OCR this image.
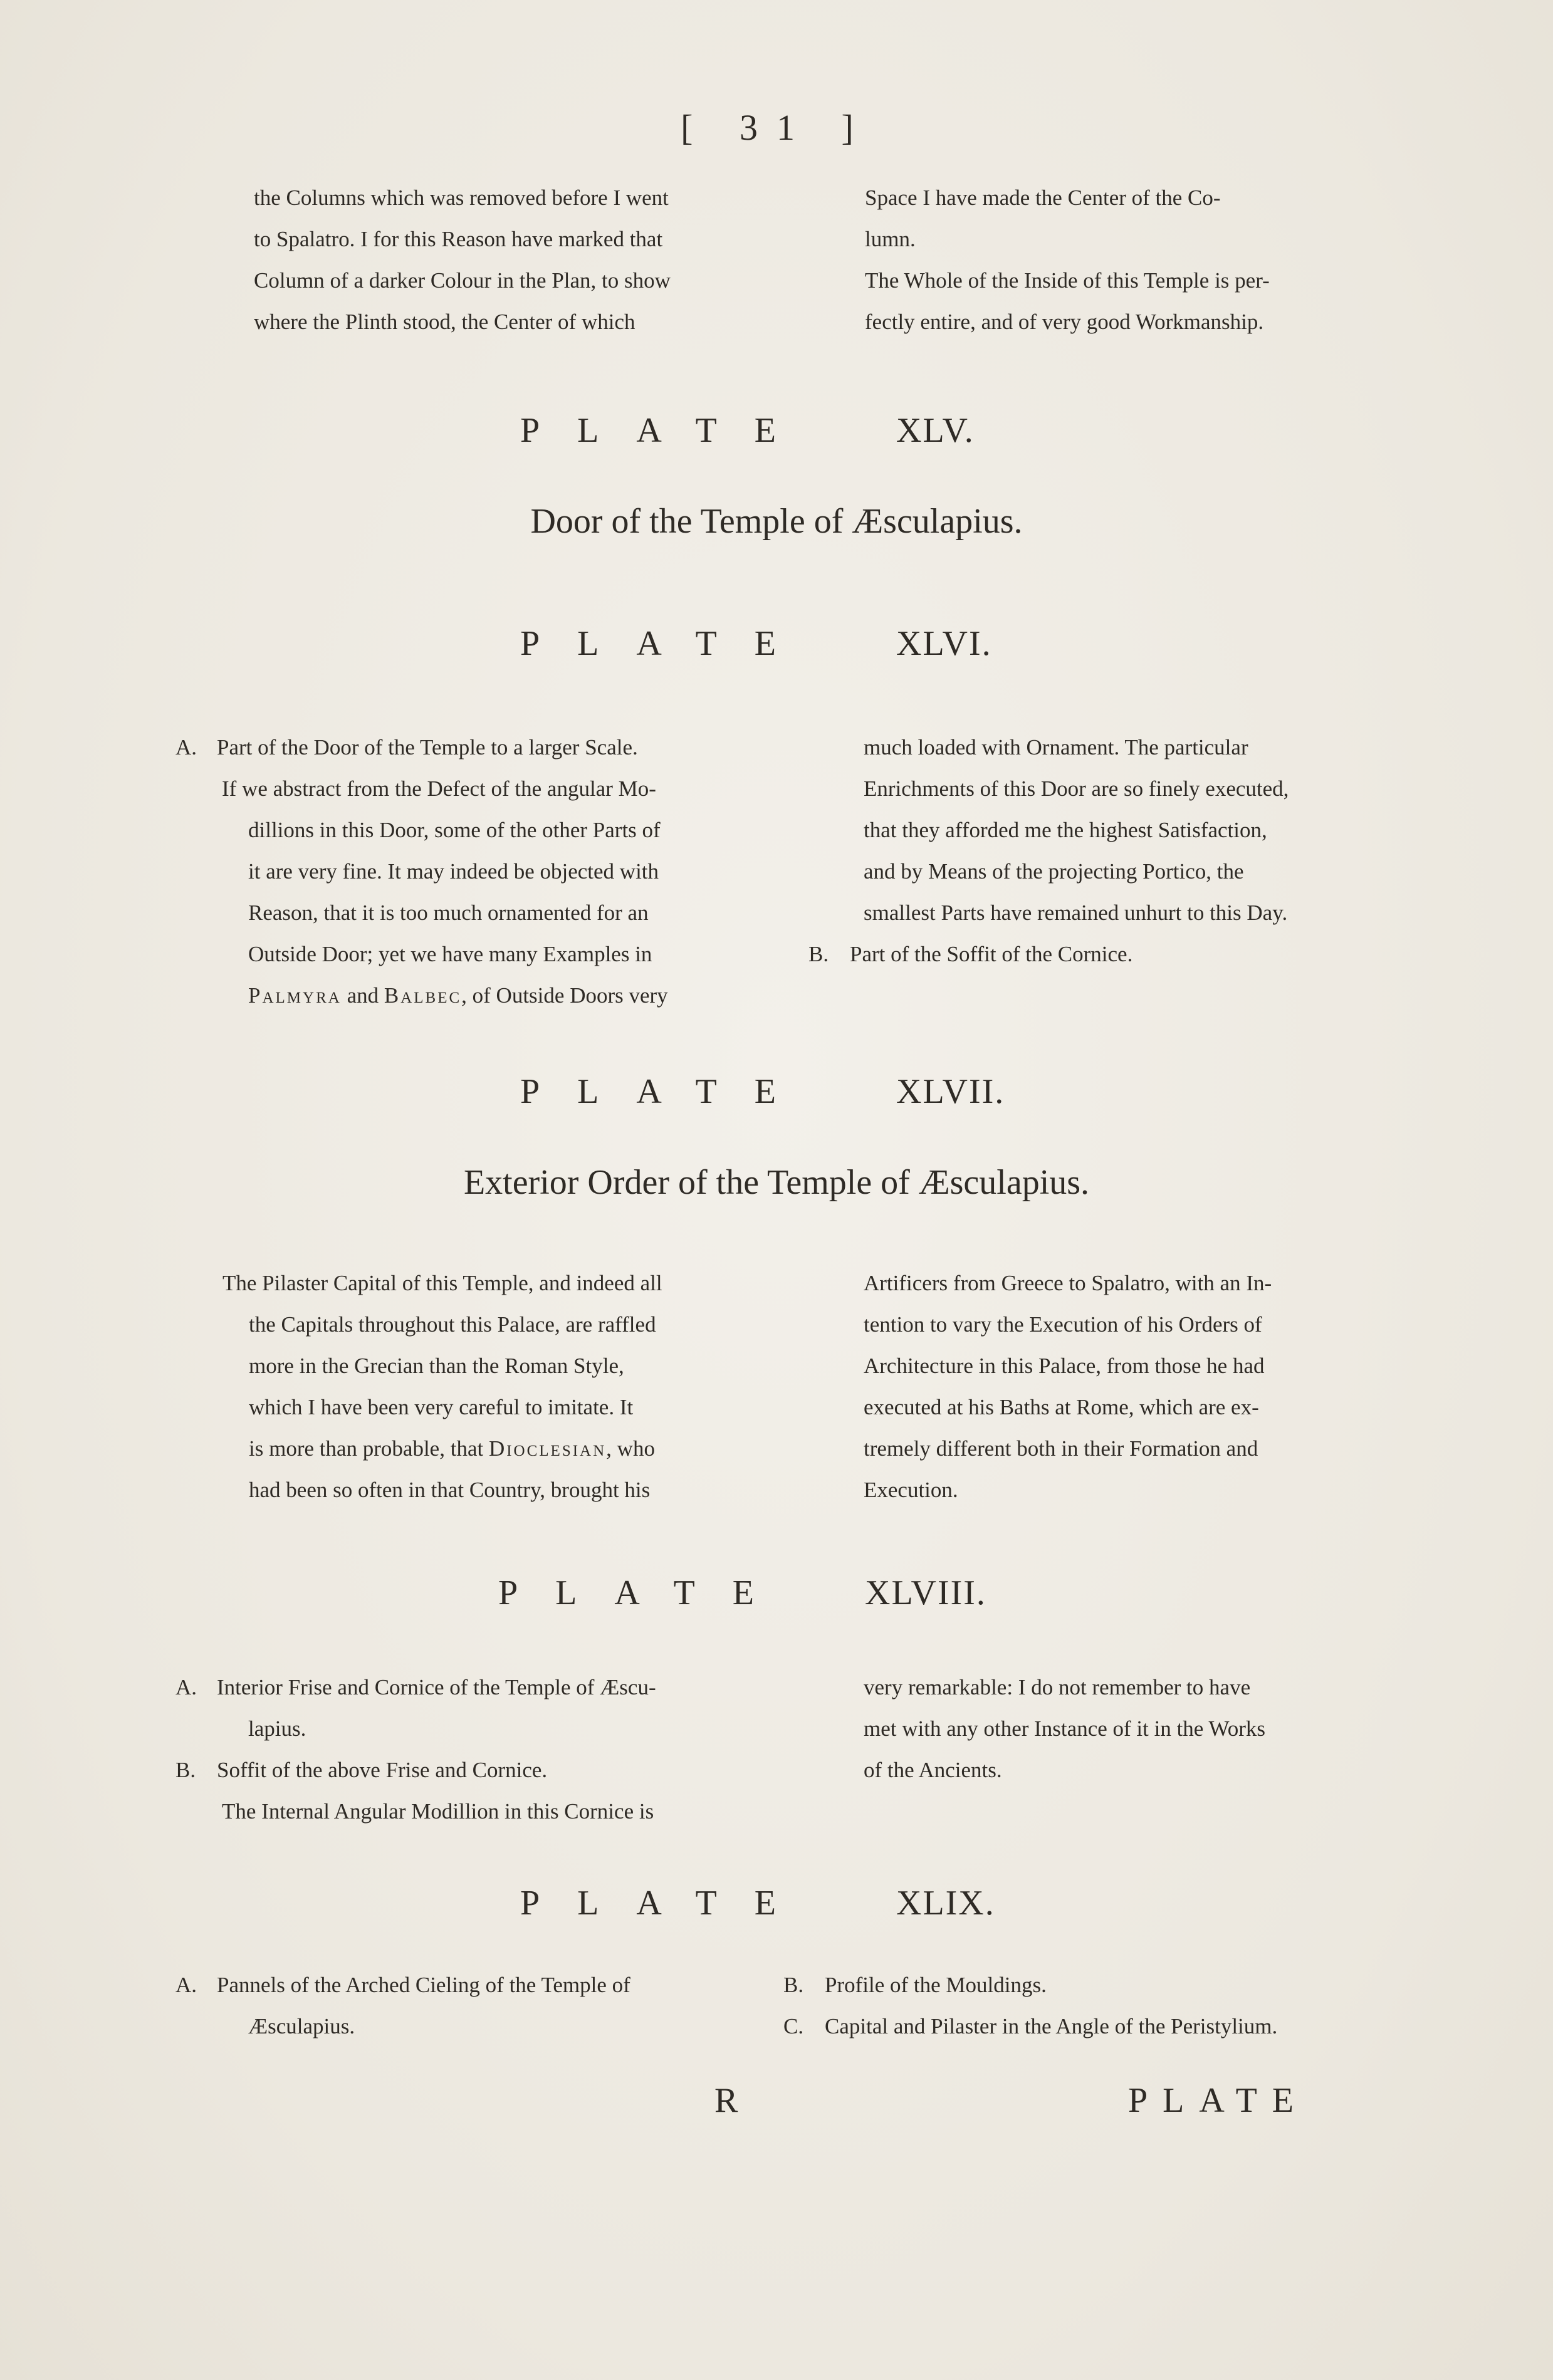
[ 31 ]

the Columns which was removed before I went

to Spalatro. I for this Reason have marked that

Column of a darker Colour in the Plan, to show

where the Plinth stood, the Center of which

Space I have made the Center of the Co-

lumn.

The Whole of the Inside of this Temple is per-

fectly entire, and of very good Workmanship.

PLATE XLV.
Door of the Temple of Æsculapius.
PLATE XLVI.
A. Part of the Door of the Temple to a larger Scale.

If we abstract from the Defect of the angular Mo-

dillions in this Door, some of the other Parts of

it are very fine. It may indeed be objected with

Reason, that it is too much ornamented for an

Outside Door; yet we have many Examples in

Palmyra and Balbec, of Outside Doors very

much loaded with Ornament. The particular

Enrichments of this Door are so finely executed,

that they afforded me the highest Satisfaction,

and by Means of the projecting Portico, the

smallest Parts have remained unhurt to this Day.

B. Part of the Soffit of the Cornice.
PLATE XLVII.
Exterior Order of the Temple of Æsculapius.

The Pilaster Capital of this Temple, and indeed all

the Capitals throughout this Palace, are raffled

more in the Grecian than the Roman Style,

which I have been very careful to imitate. It

is more than probable, that Dioclesian, who

had been so often in that Country, brought his

Artificers from Greece to Spalatro, with an In-

tention to vary the Execution of his Orders of

Architecture in this Palace, from those he had

executed at his Baths at Rome, which are ex-

tremely different both in their Formation and

Execution.

PLATE XLVIII.
A. Interior Frise and Cornice of the Temple of Æscu-

lapius.

B. Soffit of the above Frise and Cornice.

The Internal Angular Modillion in this Cornice is

very remarkable: I do not remember to have

met with any other Instance of it in the Works

of the Ancients.

PLATE XLIX.
A. Pannels of the Arched Cieling of the Temple of

Æsculapius.

B. Profile of the Mouldings.
C. Capital and Pilaster in the Angle of the Peristylium.
R	PLATE
